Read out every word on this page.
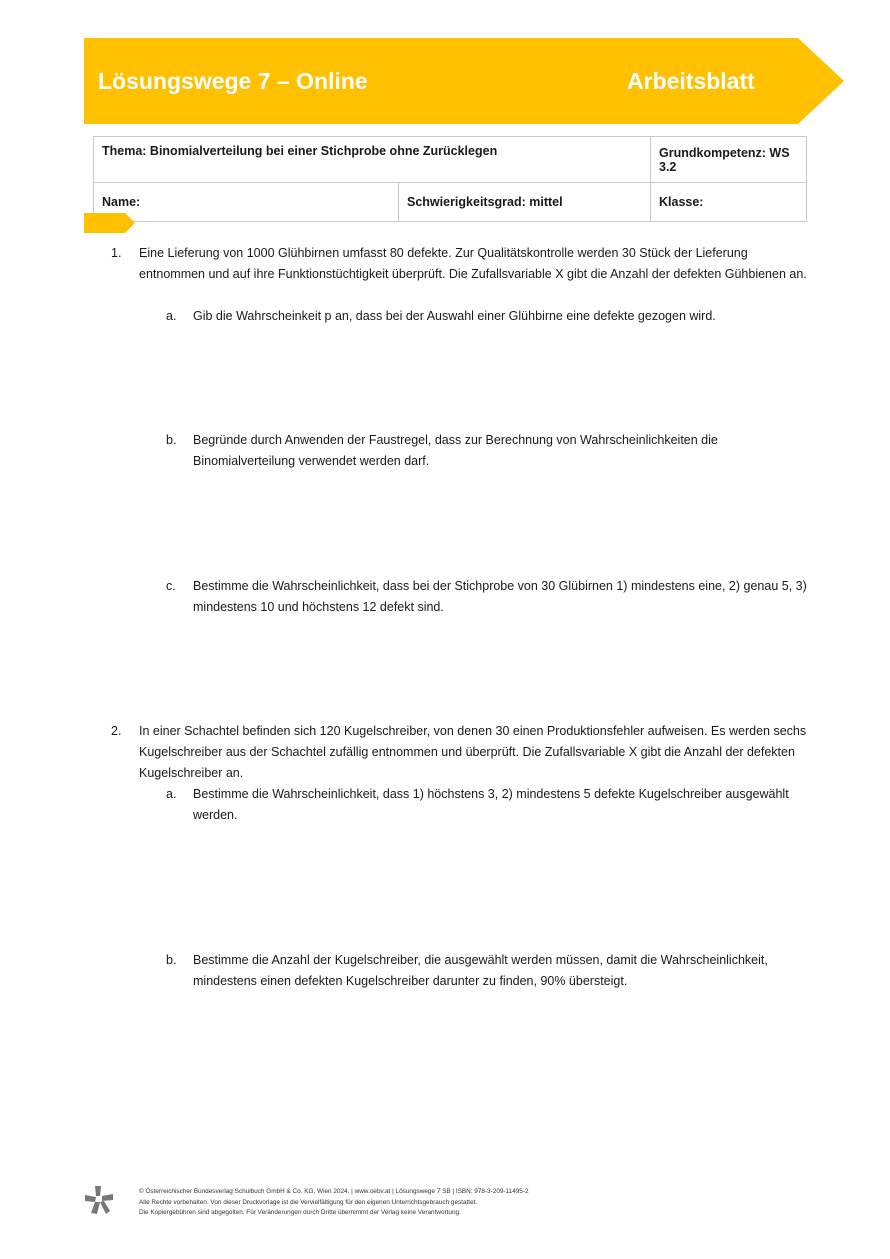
Lösungswege 7 – Online	Arbeitsblatt
Thema: Binomialverteilung bei einer Stichprobe ohne Zurücklegen		Grundkompetenz: WS 3.2
Name:	Schwierigkeitsgrad: mittel	Klasse:
1. Eine Lieferung von 1000 Glühbirnen umfasst 80 defekte. Zur Qualitätskontrolle werden 30 Stück der Lieferung entnommen und auf ihre Funktionstüchtigkeit überprüft. Die Zufallsvariable X gibt die Anzahl der defekten Gühbienen an.
a. Gib die Wahrscheinkeit p an, dass bei der Auswahl einer Glühbirne eine defekte gezogen wird.
b. Begründe durch Anwenden der Faustregel, dass zur Berechnung von Wahrscheinlichkeiten die Binomialverteilung verwendet werden darf.
c. Bestimme die Wahrscheinlichkeit, dass bei der Stichprobe von 30 Glübirnen 1) mindestens eine, 2) genau 5, 3) mindestens 10 und höchstens 12 defekt sind.
2. In einer Schachtel befinden sich 120 Kugelschreiber, von denen 30 einen Produktionsfehler aufweisen. Es werden sechs Kugelschreiber aus der Schachtel zufällig entnommen und überprüft. Die Zufallsvariable X gibt die Anzahl der defekten Kugelschreiber an.
a. Bestimme die Wahrscheinlichkeit, dass 1) höchstens 3, 2) mindestens 5 defekte Kugelschreiber ausgewählt werden.
b. Bestimme die Anzahl der Kugelschreiber, die ausgewählt werden müssen, damit die Wahrscheinlichkeit, mindestens einen defekten Kugelschreiber darunter zu finden, 90% übersteigt.
© Österreichischer Bundesverlag Schulbuch GmbH & Co. KG, Wien 2024. | www.oebv.at | Lösungswege 7 SB | ISBN: 978-3-209-11495-2
Alle Rechte vorbehalten. Von dieser Druckvorlage ist die Vervielfältigung für den eigenen Unterrichtsgebrauch gestattet.
Die Kopiergebühren sind abgegolten. Für Veränderungen durch Dritte übernimmt der Verlag keine Verantwortung.
